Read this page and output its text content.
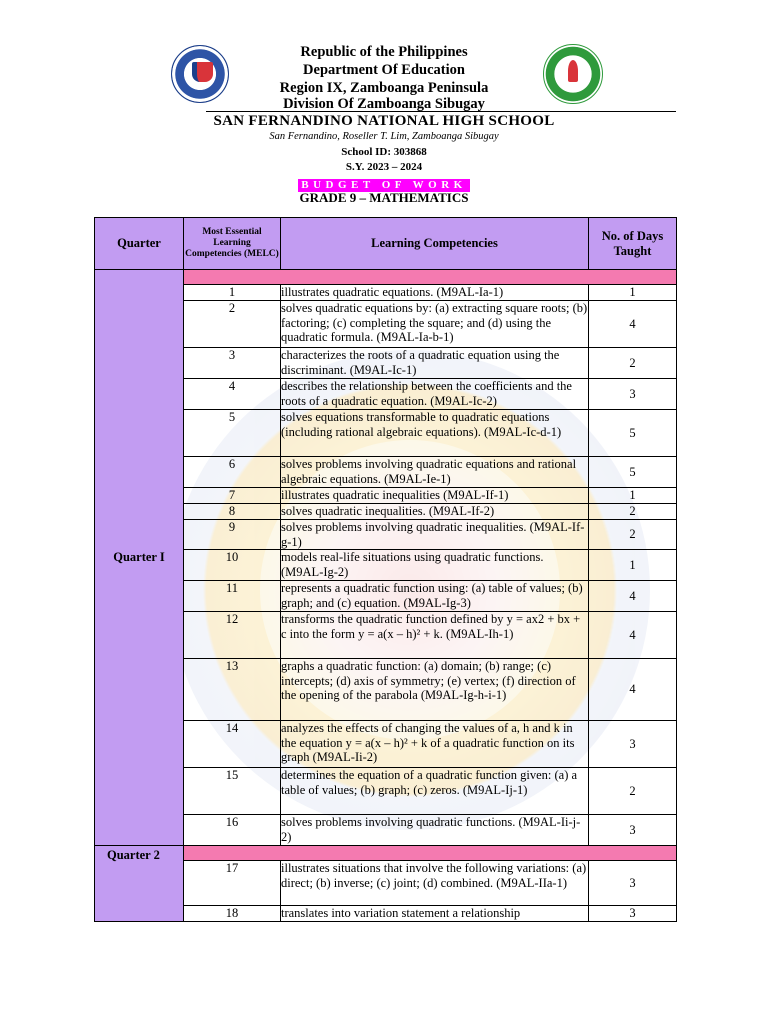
Republic of the Philippines
Department Of Education
Region IX, Zamboanga Peninsula
Division Of Zamboanga Sibugay
SAN FERNANDINO NATIONAL HIGH SCHOOL
San Fernandino, Roseller T. Lim, Zamboanga Sibugay
School ID: 303868
S.Y. 2023 – 2024
BUDGET OF WORK
GRADE 9 – MATHEMATICS
Quarter	Most Essential Learning Competencies (MELC)	Learning Competencies	No. of Days Taught
Quarter I			
	1	illustrates quadratic equations. (M9AL-Ia-1)	1
	2	solves quadratic equations by: (a) extracting square roots; (b) factoring; (c) completing the square; and (d) using the quadratic formula. (M9AL-Ia-b-1)	4
	3	characterizes the roots of a quadratic equation using the discriminant. (M9AL-Ic-1)	2
	4	describes the relationship between the coefficients and the roots of a quadratic equation. (M9AL-Ic-2)	3
	5	solves equations transformable to quadratic equations (including rational algebraic equations). (M9AL-Ic-d-1)	5
	6	solves problems involving quadratic equations and rational algebraic equations. (M9AL-Ie-1)	5
	7	illustrates quadratic inequalities (M9AL-If-1)	1
	8	solves quadratic inequalities. (M9AL-If-2)	2
	9	solves problems involving quadratic inequalities. (M9AL-If-g-1)	2
	10	models real-life situations using quadratic functions. (M9AL-Ig-2)	1
	11	represents a quadratic function using: (a) table of values; (b) graph; and (c) equation. (M9AL-Ig-3)	4
	12	transforms the quadratic function defined by y = ax2 + bx + c into the form y = a(x – h)² + k. (M9AL-Ih-1)	4
	13	graphs a quadratic function: (a) domain; (b) range; (c) intercepts; (d) axis of symmetry; (e) vertex; (f) direction of the opening of the parabola (M9AL-Ig-h-i-1)	4
	14	analyzes the effects of changing the values of a, h and k in the equation y = a(x – h)² + k of a quadratic function on its graph (M9AL-Ii-2)	3
	15	determines the equation of a quadratic function given: (a) a table of values; (b) graph; (c) zeros. (M9AL-Ij-1)	2
	16	solves problems involving quadratic functions. (M9AL-Ii-j-2)	3
Quarter 2			
	17	illustrates situations that involve the following variations: (a) direct; (b) inverse; (c) joint; (d) combined. (M9AL-IIa-1)	3
	18	translates into variation statement a relationship	3
